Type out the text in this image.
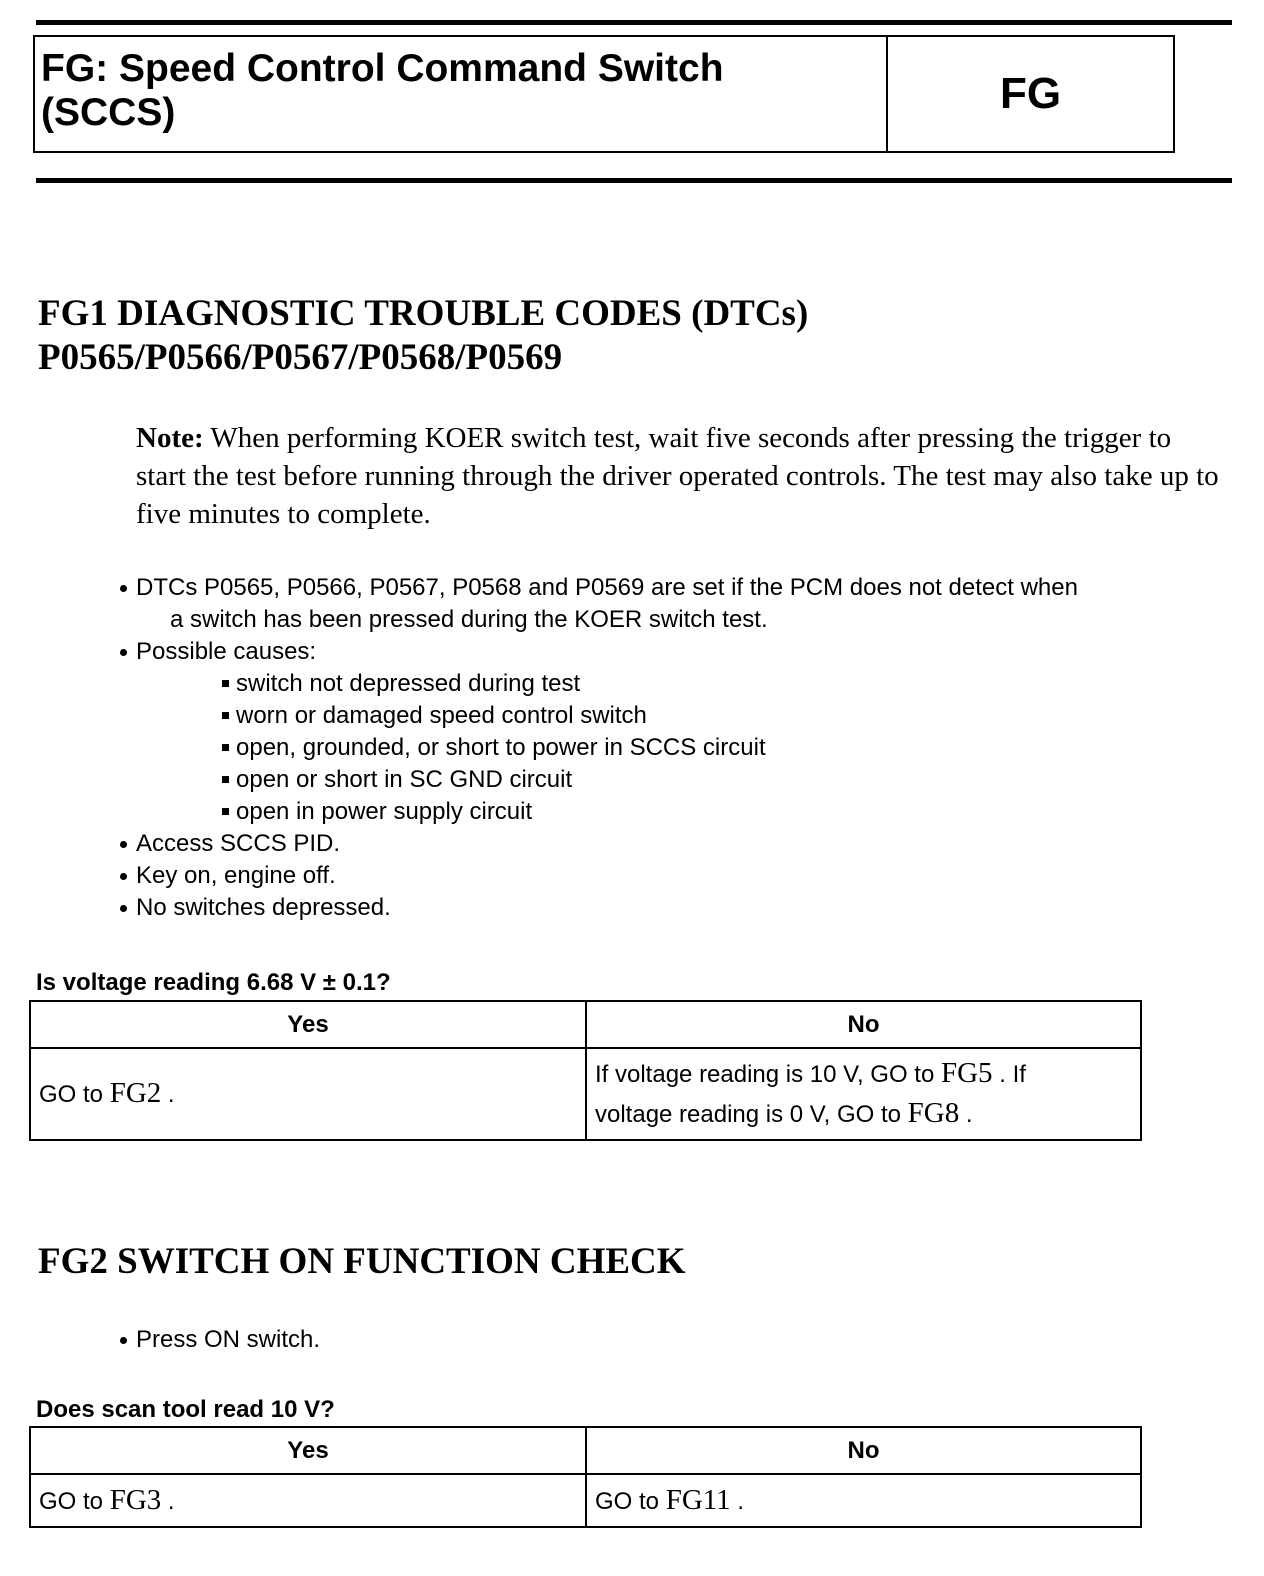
FG: Speed Control Command Switch
(SCCS)	FG
FG1 DIAGNOSTIC TROUBLE CODES (DTCs)
P0565/P0566/P0567/P0568/P0569

Note: When performing KOER switch test, wait five seconds after pressing the trigger to start the test before running through the driver operated controls. The test may also take up to five minutes to complete.

DTCs P0565, P0566, P0567, P0568 and P0569 are set if the PCM does not detect when
a switch has been pressed during the KOER switch test.
Possible causes:
switch not depressed during test
worn or damaged speed control switch
open, grounded, or short to power in SCCS circuit
open or short in SC GND circuit
open in power supply circuit
Access SCCS PID.
Key on, engine off.
No switches depressed.

Is voltage reading 6.68 V ± 0.1?

Yes	No
GO to FG2 .	If voltage reading is 10 V, GO to FG5 . If
voltage reading is 0 V, GO to FG8 .
FG2 SWITCH ON FUNCTION CHECK
Press ON switch.

Does scan tool read 10 V?

Yes	No
GO to FG3 .	GO to FG11 .
